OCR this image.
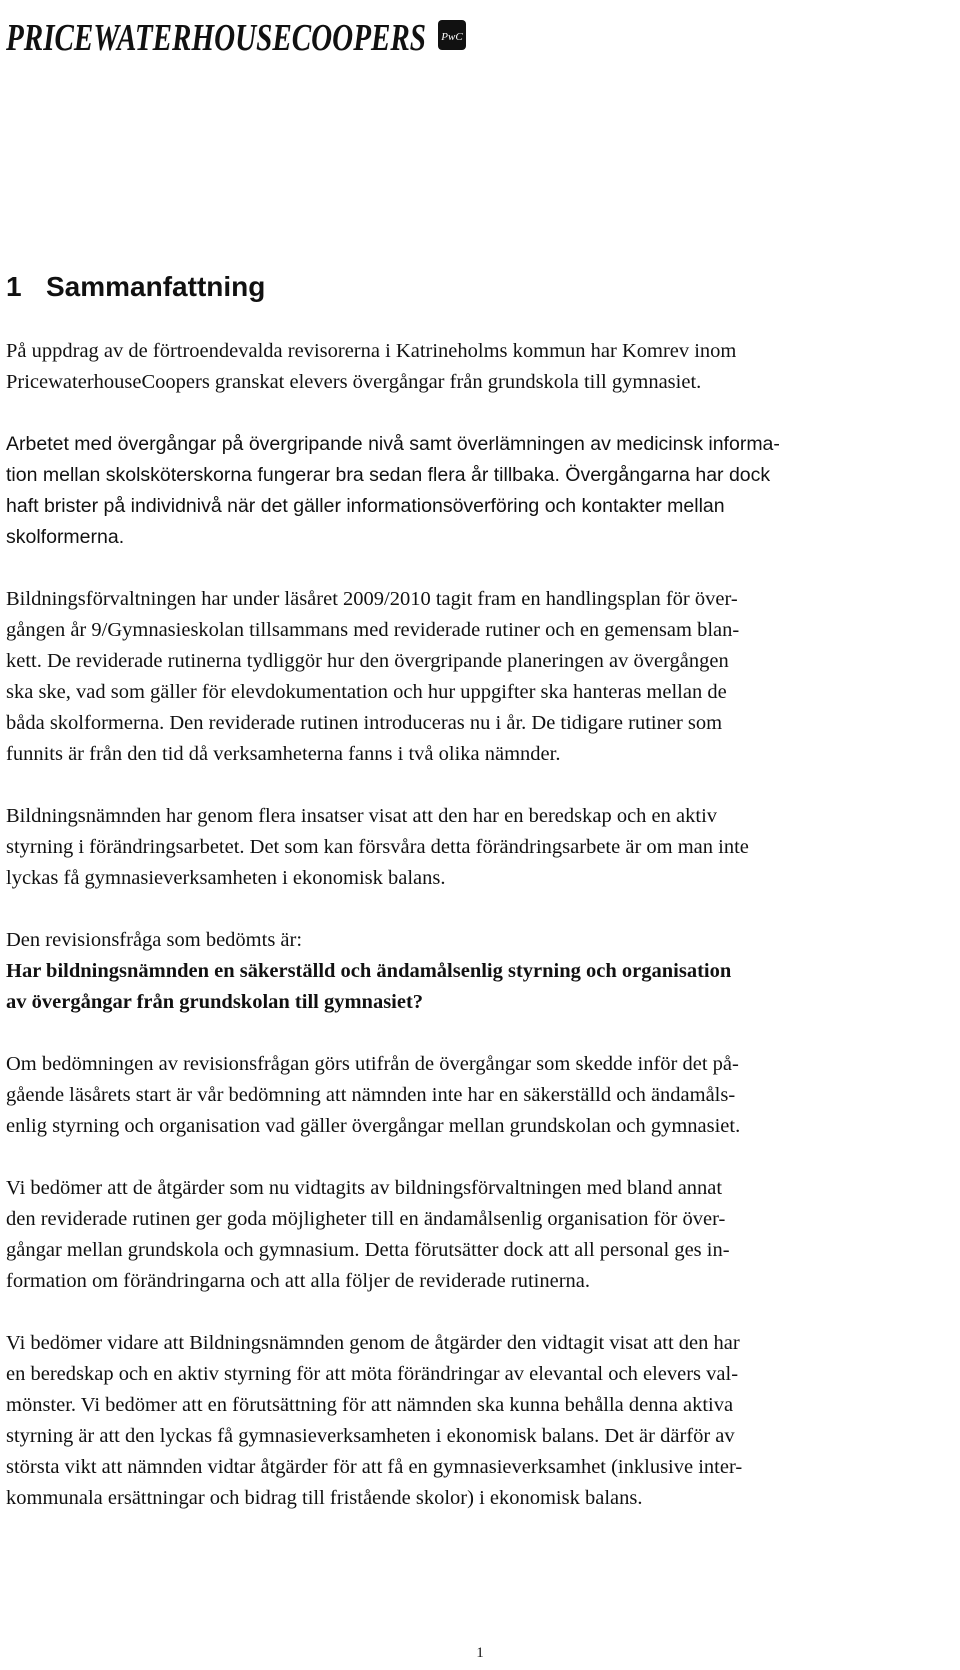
PRICEWATERHOUSECOOPERS PwC
1 Sammanfattning

På uppdrag av de förtroendevalda revisorerna i Katrineholms kommun har Komrev inom
PricewaterhouseCoopers granskat elevers övergångar från grundskola till gymnasiet.

Arbetet med övergångar på övergripande nivå samt överlämningen av medicinsk informa-
tion mellan skolsköterskorna fungerar bra sedan flera år tillbaka. Övergångarna har dock
haft brister på individnivå när det gäller informationsöverföring och kontakter mellan
skolformerna.

Bildningsförvaltningen har under läsåret 2009/2010 tagit fram en handlingsplan för över-
gången år 9/Gymnasieskolan tillsammans med reviderade rutiner och en gemensam blan-
kett. De reviderade rutinerna tydliggör hur den övergripande planeringen av övergången
ska ske, vad som gäller för elevdokumentation och hur uppgifter ska hanteras mellan de
båda skolformerna. Den reviderade rutinen introduceras nu i år. De tidigare rutiner som
funnits är från den tid då verksamheterna fanns i två olika nämnder.

Bildningsnämnden har genom flera insatser visat att den har en beredskap och en aktiv
styrning i förändringsarbetet. Det som kan försvåra detta förändringsarbete är om man inte
lyckas få gymnasieverksamheten i ekonomisk balans.

Den revisionsfråga som bedömts är:

Har bildningsnämnden en säkerställd och ändamålsenlig styrning och organisation
av övergångar från grundskolan till gymnasiet?

Om bedömningen av revisionsfrågan görs utifrån de övergångar som skedde inför det på-
gående läsårets start är vår bedömning att nämnden inte har en säkerställd och ändamåls-
enlig styrning och organisation vad gäller övergångar mellan grundskolan och gymnasiet.

Vi bedömer att de åtgärder som nu vidtagits av bildningsförvaltningen med bland annat
den reviderade rutinen ger goda möjligheter till en ändamålsenlig organisation för över-
gångar mellan grundskola och gymnasium. Detta förutsätter dock att all personal ges in-
formation om förändringarna och att alla följer de reviderade rutinerna.

Vi bedömer vidare att Bildningsnämnden genom de åtgärder den vidtagit visat att den har
en beredskap och en aktiv styrning för att möta förändringar av elevantal och elevers val-
mönster. Vi bedömer att en förutsättning för att nämnden ska kunna behålla denna aktiva
styrning är att den lyckas få gymnasieverksamheten i ekonomisk balans. Det är därför av
största vikt att nämnden vidtar åtgärder för att få en gymnasieverksamhet (inklusive inter-
kommunala ersättningar och bidrag till fristående skolor) i ekonomisk balans.

1
